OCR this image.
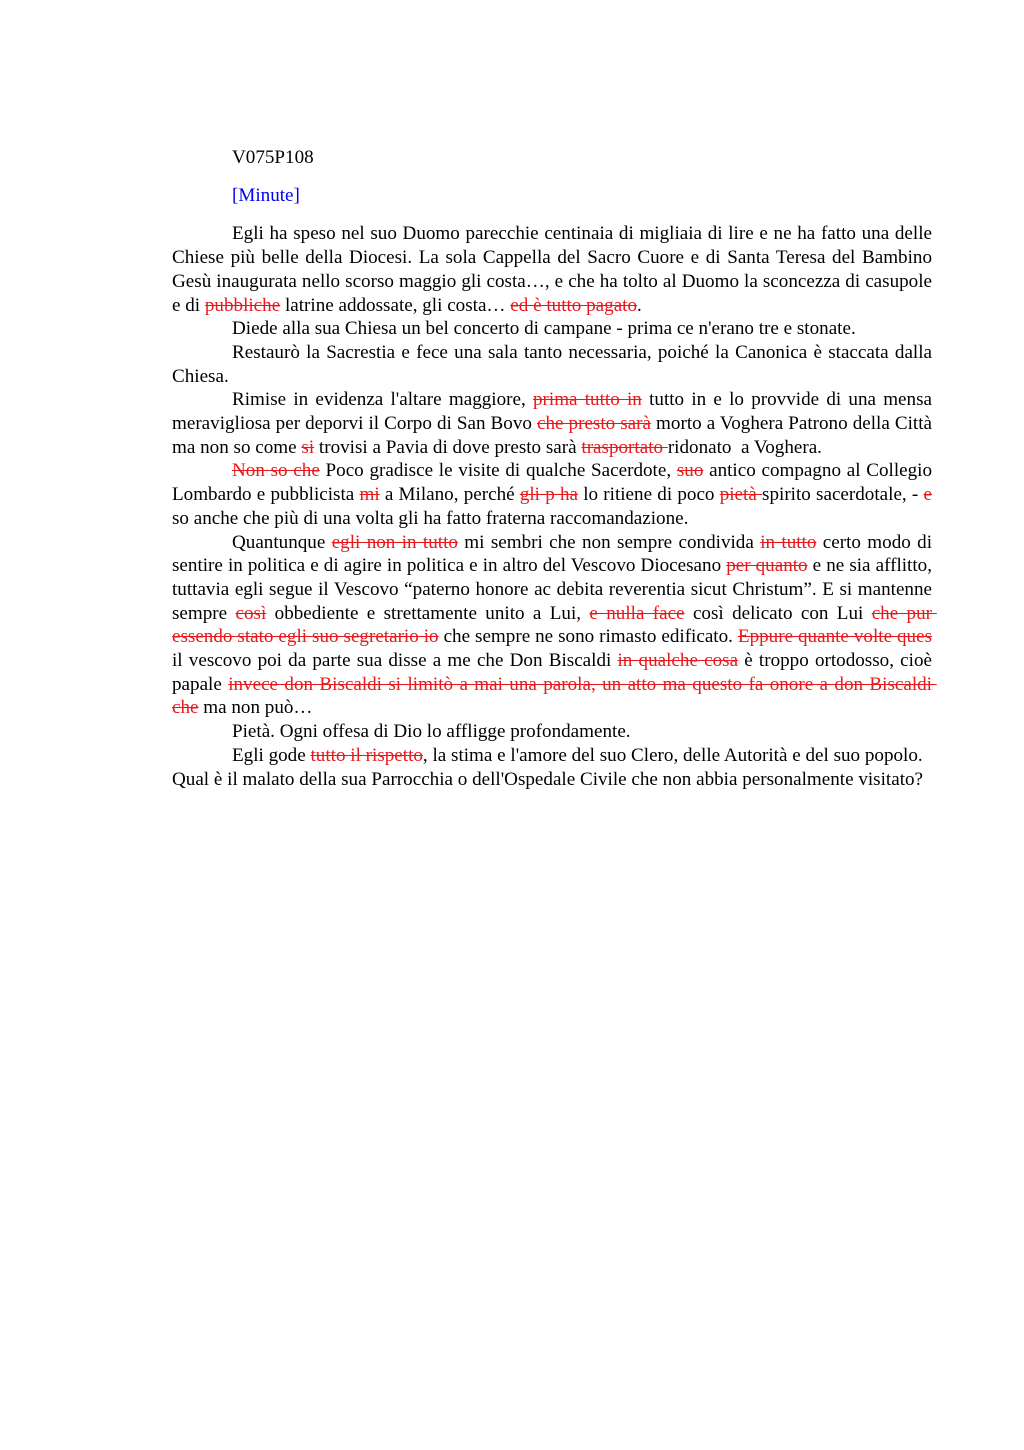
V075P108
[Minute]

Egli ha speso nel suo Duomo parecchie centinaia di migliaia di lire e ne ha fatto una delle Chiese più belle della Diocesi. La sola Cappella del Sacro Cuore e di Santa Teresa del Bambino Gesù inaugurata nello scorso maggio gli costa…, e che ha tolto al Duomo la sconcezza di casupole e di pubbliche latrine addossate, gli costa… ed è tutto pagato.

Diede alla sua Chiesa un bel concerto di campane - prima ce n'erano tre e stonate.

Restaurò la Sacrestia e fece una sala tanto necessaria, poiché la Canonica è staccata dalla Chiesa.

Rimise in evidenza l'altare maggiore, prima tutto in tutto in e lo provvide di una mensa meravigliosa per deporvi il Corpo di San Bovo che presto sarà morto a Voghera Patrono della Città ma non so come si trovisi a Pavia di dove presto sarà trasportato ridonato  a Voghera.

Non so che Poco gradisce le visite di qualche Sacerdote, suo antico compagno al Collegio Lombardo e pubblicista mi a Milano, perché gli p ha lo ritiene di poco pietà spirito sacerdotale, - e so anche che più di una volta gli ha fatto fraterna raccomandazione.

Quantunque egli non in tutto mi sembri che non sempre condivida in tutto certo modo di sentire in politica e di agire in politica e in altro del Vescovo Diocesano per quanto e ne sia afflitto, tuttavia egli segue il Vescovo “paterno honore ac debita reverentia sicut Christum”. E si mantenne sempre così obbediente e strettamente unito a Lui, e nulla face così delicato con Lui che pur essendo stato egli suo segretario io che sempre ne sono rimasto edificato. Eppure quante volte ques il vescovo poi da parte sua disse a me che Don Biscaldi in qualche cosa è troppo ortodosso, cioè papale invece don Biscaldi si limitò a mai una parola, un atto ma questo fa onore a don Biscaldi che ma non può…

Pietà. Ogni offesa di Dio lo affligge profondamente.

Egli gode tutto il rispetto, la stima e l'amore del suo Clero, delle Autorità e del suo popolo. Qual è il malato della sua Parrocchia o dell'Ospedale Civile che non abbia personalmente visitato?
